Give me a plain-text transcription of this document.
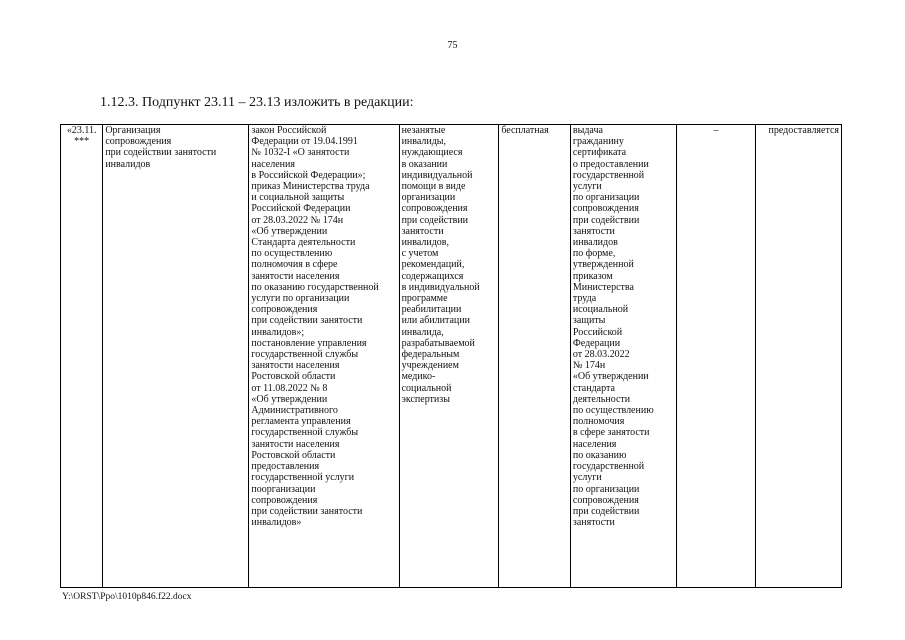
75
1.12.3. Подпункт 23.11 – 23.13 изложить в редакции:
«23.11.
***	Организация
сопровождения
при содействии занятости
инвалидов	закон Российской
Федерации от 19.04.1991
№ 1032-I «О занятости
населения
в Российской Федерации»;
приказ Министерства труда
и социальной защиты
Российской Федерации
от 28.03.2022 № 174н
«Об утверждении
Стандарта деятельности
по осуществлению
полномочия в сфере
занятости населения
по оказанию государственной
услуги по организации
сопровождения
при содействии занятости
инвалидов»;
постановление управления
государственной службы
занятости населения
Ростовской области
от 11.08.2022 № 8
«Об утверждении
Административного
регламента управления
государственной службы
занятости населения
Ростовской области
предоставления
государственной услуги
поорганизации
сопровождения
при содействии занятости
инвалидов»	незанятые
инвалиды,
нуждающиеся
в оказании
индивидуальной
помощи в виде
организации
сопровождения
при содействии
занятости
инвалидов,
с учетом
рекомендаций,
содержащихся
в индивидуальной
программе
реабилитации
или абилитации
инвалида,
разрабатываемой
федеральным
учреждением
медико-
социальной
экспертизы	бесплатная	выдача
гражданину
сертификата
о предоставлении
государственной
услуги
по организации
сопровождения
при содействии
занятости
инвалидов
по форме,
утвержденной
приказом
Министерства
труда
исоциальной
защиты
Российской
Федерации
от 28.03.2022
№ 174н
«Об утверждении
стандарта
деятельности
по осуществлению
полномочия
в сфере занятости
населения
по оказанию
государственной
услуги
по организации
сопровождения
при содействии
занятости	–	предоставляется
Y:\ORST\Ppo\1010p846.f22.docx
